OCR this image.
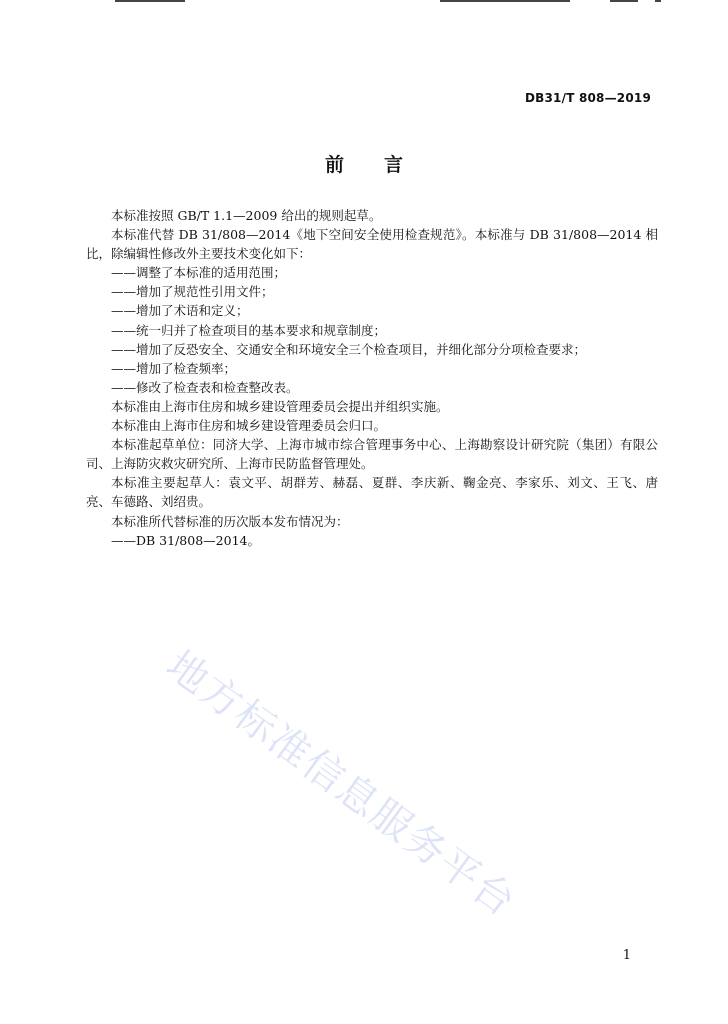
DB31/T 808—2019
前 言

本标准按照 GB/T 1.1—2009 给出的规则起草。

本标准代替 DB 31/808—2014《地下空间安全使用检查规范》。本标准与 DB 31/808—2014 相比，除编辑性修改外主要技术变化如下：

——调整了本标准的适用范围；

——增加了规范性引用文件；

——增加了术语和定义；

——统一归并了检查项目的基本要求和规章制度；

——增加了反恐安全、交通安全和环境安全三个检查项目，并细化部分分项检查要求；

——增加了检查频率；

——修改了检查表和检查整改表。

本标准由上海市住房和城乡建设管理委员会提出并组织实施。

本标准由上海市住房和城乡建设管理委员会归口。

本标准起草单位：同济大学、上海市城市综合管理事务中心、上海勘察设计研究院（集团）有限公司、上海防灾救灾研究所、上海市民防监督管理处。

本标准主要起草人：袁文平、胡群芳、赫磊、夏群、李庆新、鞠金亮、李家乐、刘文、王飞、唐亮、车德路、刘绍贵。

本标准所代替标准的历次版本发布情况为：

——DB 31/808—2014。

地方标准信息服务平台
1
